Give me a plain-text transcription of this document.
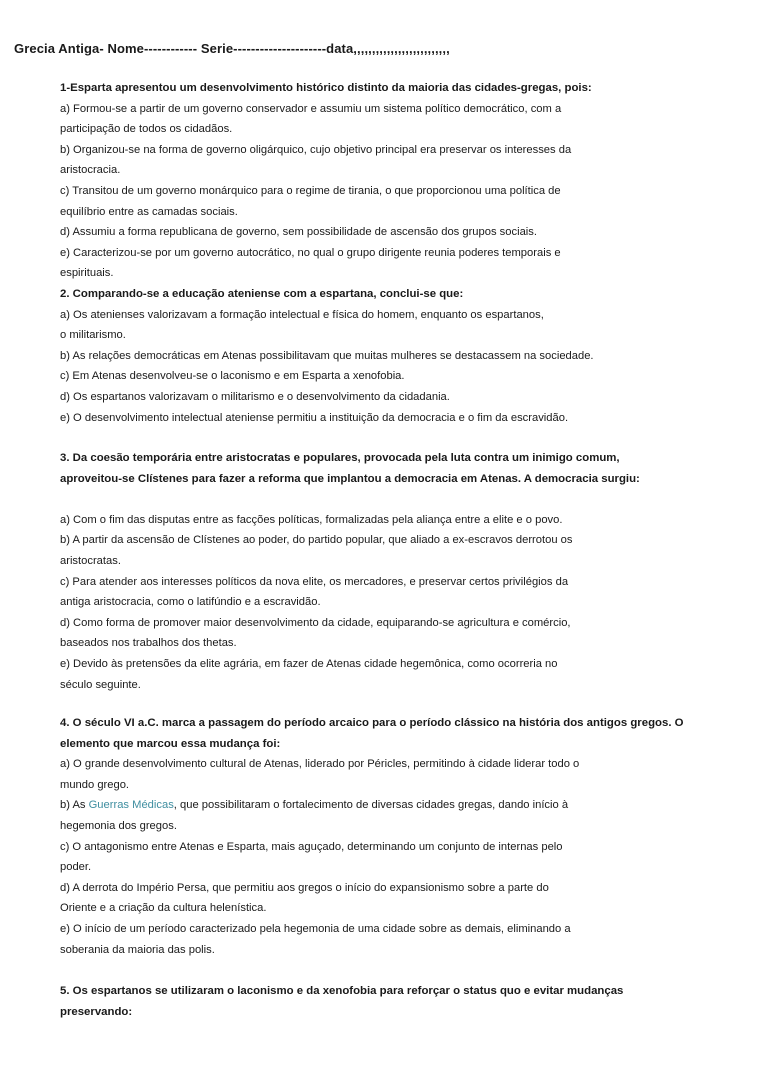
Grecia Antiga- Nome------------ Serie---------------------data,,,,,,,,,,,,,,,,,,,,,,,,,,
1-Esparta apresentou um desenvolvimento histórico distinto da maioria das cidades-gregas, pois:
a) Formou-se a partir de um governo conservador e assumiu um sistema político democrático, com a
participação de todos os cidadãos.
b) Organizou-se na forma de governo oligárquico, cujo objetivo principal era preservar os interesses da
aristocracia.
c) Transitou de um governo monárquico para o regime de tirania, o que proporcionou uma política de
equilíbrio entre as camadas sociais.
d) Assumiu a forma republicana de governo, sem possibilidade de ascensão dos grupos sociais.
e) Caracterizou-se por um governo autocrático, no qual o grupo dirigente reunia poderes temporais e
espirituais.
2. Comparando-se a educação ateniense com a espartana, conclui-se que:
a) Os atenienses valorizavam a formação intelectual e física do homem, enquanto os espartanos,
o militarismo.
b) As relações democráticas em Atenas possibilitavam que muitas mulheres se destacassem na sociedade.
c) Em Atenas desenvolveu-se o laconismo e em Esparta a xenofobia.
d) Os espartanos valorizavam o militarismo e o desenvolvimento da cidadania.
e) O desenvolvimento intelectual ateniense permitiu a instituição da democracia e o fim da escravidão.
3. Da coesão temporária entre aristocratas e populares, provocada pela luta contra um inimigo comum,
aproveitou-se Clístenes para fazer a reforma que implantou a democracia em Atenas. A democracia surgiu:
a) Com o fim das disputas entre as facções políticas, formalizadas pela aliança entre a elite e o povo.
b) A partir da ascensão de Clístenes ao poder, do partido popular, que aliado a ex-escravos derrotou os
aristocratas.
c) Para atender aos interesses políticos da nova elite, os mercadores, e preservar certos privilégios da
antiga aristocracia, como o latifúndio e a escravidão.
d) Como forma de promover maior desenvolvimento da cidade, equiparando-se agricultura e comércio,
baseados nos trabalhos dos thetas.
e) Devido às pretensões da elite agrária, em fazer de Atenas cidade hegemônica, como ocorreria no
século seguinte.
4. O século VI a.C. marca a passagem do período arcaico para o período clássico na história dos antigos gregos. O
elemento que marcou essa mudança foi:
a) O grande desenvolvimento cultural de Atenas, liderado por Péricles, permitindo à cidade liderar todo o
mundo grego.
b) As Guerras Médicas, que possibilitaram o fortalecimento de diversas cidades gregas, dando início à
hegemonia dos gregos.
c) O antagonismo entre Atenas e Esparta, mais aguçado, determinando um conjunto de internas pelo
poder.
d) A derrota do Império Persa, que permitiu aos gregos o início do expansionismo sobre a parte do
Oriente e a criação da cultura helenística.
e) O início de um período caracterizado pela hegemonia de uma cidade sobre as demais, eliminando a
soberania da maioria das polis.
5. Os espartanos se utilizaram o laconismo e da xenofobia para reforçar o status quo e evitar mudanças
preservando:
